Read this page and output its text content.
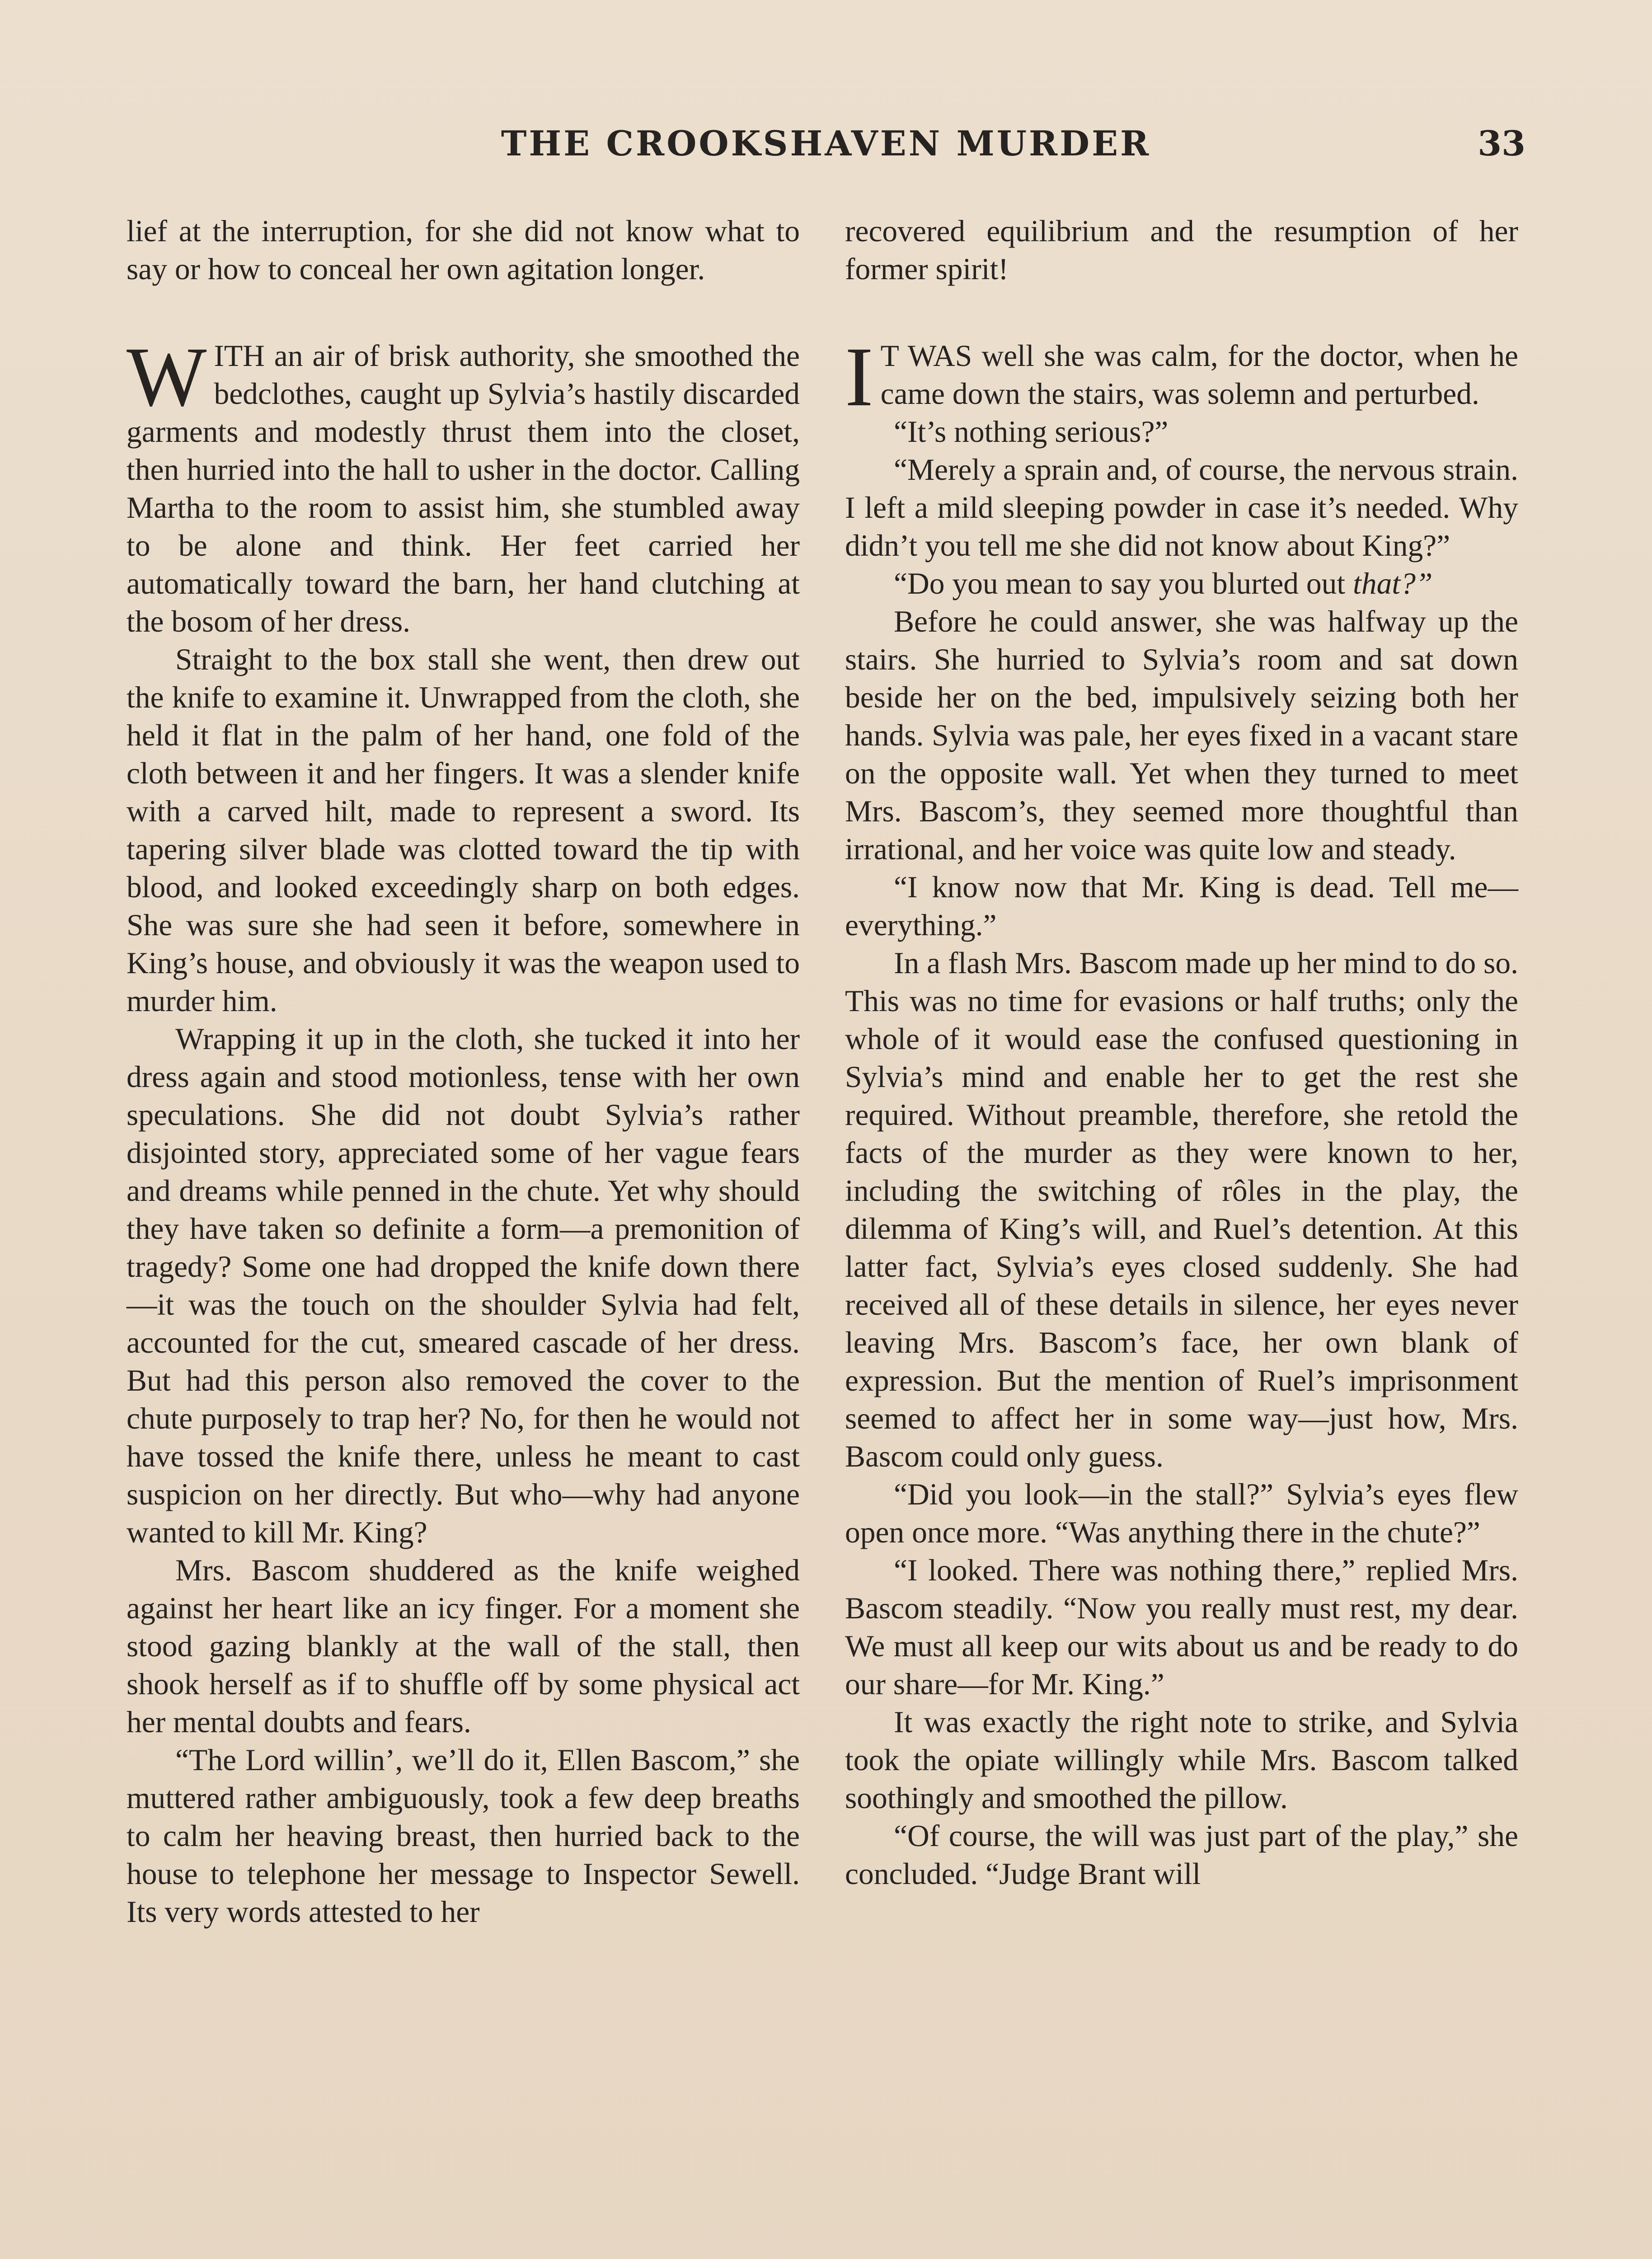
THE CROOKSHAVEN MURDER	33

lief at the interruption, for she did not know what to say or how to conceal her own agitation longer.

WITH an air of brisk authority, she smoothed the bedclothes, caught up Sylvia’s hastily discarded garments and modestly thrust them into the closet, then hurried into the hall to usher in the doctor. Calling Martha to the room to assist him, she stumbled away to be alone and think. Her feet carried her automatically toward the barn, her hand clutching at the bosom of her dress.

Straight to the box stall she went, then drew out the knife to examine it. Unwrapped from the cloth, she held it flat in the palm of her hand, one fold of the cloth between it and her fingers. It was a slender knife with a carved hilt, made to represent a sword. Its tapering silver blade was clotted toward the tip with blood, and looked exceedingly sharp on both edges. She was sure she had seen it before, somewhere in King’s house, and obviously it was the weapon used to murder him.

Wrapping it up in the cloth, she tucked it into her dress again and stood motionless, tense with her own speculations. She did not doubt Sylvia’s rather disjointed story, appreciated some of her vague fears and dreams while penned in the chute. Yet why should they have taken so definite a form—a premonition of tragedy? Some one had dropped the knife down there—it was the touch on the shoulder Sylvia had felt, accounted for the cut, smeared cascade of her dress. But had this person also removed the cover to the chute purposely to trap her? No, for then he would not have tossed the knife there, unless he meant to cast suspicion on her directly. But who—why had anyone wanted to kill Mr. King?

Mrs. Bascom shuddered as the knife weighed against her heart like an icy finger. For a moment she stood gazing blankly at the wall of the stall, then shook herself as if to shuffle off by some physical act her mental doubts and fears.

“The Lord willin’, we’ll do it, Ellen Bascom,” she muttered rather ambiguously, took a few deep breaths to calm her heaving breast, then hurried back to the house to telephone her message to Inspector Sewell. Its very words attested to her

recovered equilibrium and the resumption of her former spirit!

I T WAS well she was calm, for the doctor, when he came down the stairs, was solemn and perturbed.

“It’s nothing serious?”

“Merely a sprain and, of course, the nervous strain. I left a mild sleeping powder in case it’s needed. Why didn’t you tell me she did not know about King?”

“Do you mean to say you blurted out that?”

Before he could answer, she was halfway up the stairs. She hurried to Sylvia’s room and sat down beside her on the bed, impulsively seizing both her hands. Sylvia was pale, her eyes fixed in a vacant stare on the opposite wall. Yet when they turned to meet Mrs. Bascom’s, they seemed more thoughtful than irrational, and her voice was quite low and steady.

“I know now that Mr. King is dead. Tell me—everything.”

In a flash Mrs. Bascom made up her mind to do so. This was no time for evasions or half truths; only the whole of it would ease the confused questioning in Sylvia’s mind and enable her to get the rest she required. Without preamble, therefore, she retold the facts of the murder as they were known to her, including the switching of rôles in the play, the dilemma of King’s will, and Ruel’s detention. At this latter fact, Sylvia’s eyes closed suddenly. She had received all of these details in silence, her eyes never leaving Mrs. Bascom’s face, her own blank of expression. But the mention of Ruel’s imprisonment seemed to affect her in some way—just how, Mrs. Bascom could only guess.

“Did you look—in the stall?” Sylvia’s eyes flew open once more. “Was anything there in the chute?”

“I looked. There was nothing there,” replied Mrs. Bascom steadily. “Now you really must rest, my dear. We must all keep our wits about us and be ready to do our share—for Mr. King.”

It was exactly the right note to strike, and Sylvia took the opiate willingly while Mrs. Bascom talked soothingly and smoothed the pillow.

“Of course, the will was just part of the play,” she concluded. “Judge Brant will
